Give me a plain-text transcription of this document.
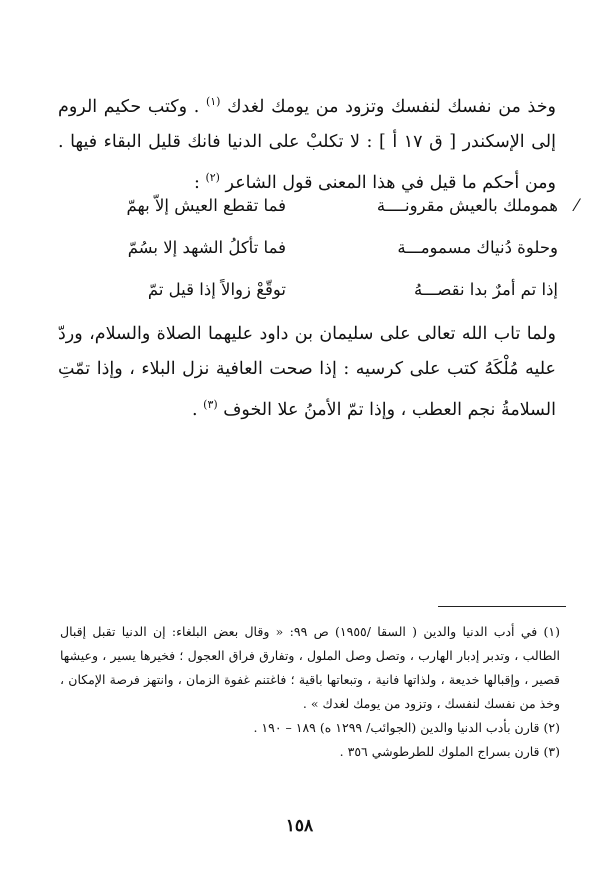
وخذ من نفسك لنفسك وتزود من يومك لغدك $^{(١)}$ . وكتب حكيم الروم إلى الإسكندر [ ق ١٧ أ ] : لا تكلبْ على الدنيا فانك قليل البقاء فيها . ومن أحكم ما قيل في هذا المعنى قول الشاعر $^{(٢)}$ :

⁄
هموملك بالعيش مقرونــــة
فما تقطع العيش إلاّ بهمّ
وحلوة دُنياك مسمومـــة
فما تأكلُ الشهد إلا بسُمّ
إذا تم أمرٌ بدا نقصـــهُ
توقّعْ زوالاً إذا قيل تمّ

ولما تاب الله تعالى على سليمان بن داود عليهما الصلاة والسلام، وردّ عليه مُلْكَهُ كتب على كرسيه : إذا صحت العافية نزل البلاء ، وإذا تمّتِ السلامةُ نجم العطب ، وإذا تمّ الأمنُ علا الخوف $^{(٣)}$ .

(١) في أدب الدنيا والدين ( السقا /١٩٥٥) ص ٩٩: « وقال بعض البلغاء: إن الدنيا تقبل إقبال الطالب ، وتدبر إدبار الهارب ، وتصل وصل الملول ، وتفارق فراق العجول ؛ فخيرها يسير ، وعيشها قصير ، وإقبالها خديعة ، ولذاتها فانية ، وتبعاتها باقية ؛ فاغتنم غفوة الزمان ، وانتهز فرصة الإمكان ، وخذ من نفسك لنفسك ، وتزود من يومك لغدك » .

(٢) قارن بأدب الدنيا والدين (الجوائب/ ١٢٩٩ ه) ١٨٩ – ١٩٠ .

(٣) قارن بسراج الملوك للطرطوشي ٣٥٦ .

١٥٨
